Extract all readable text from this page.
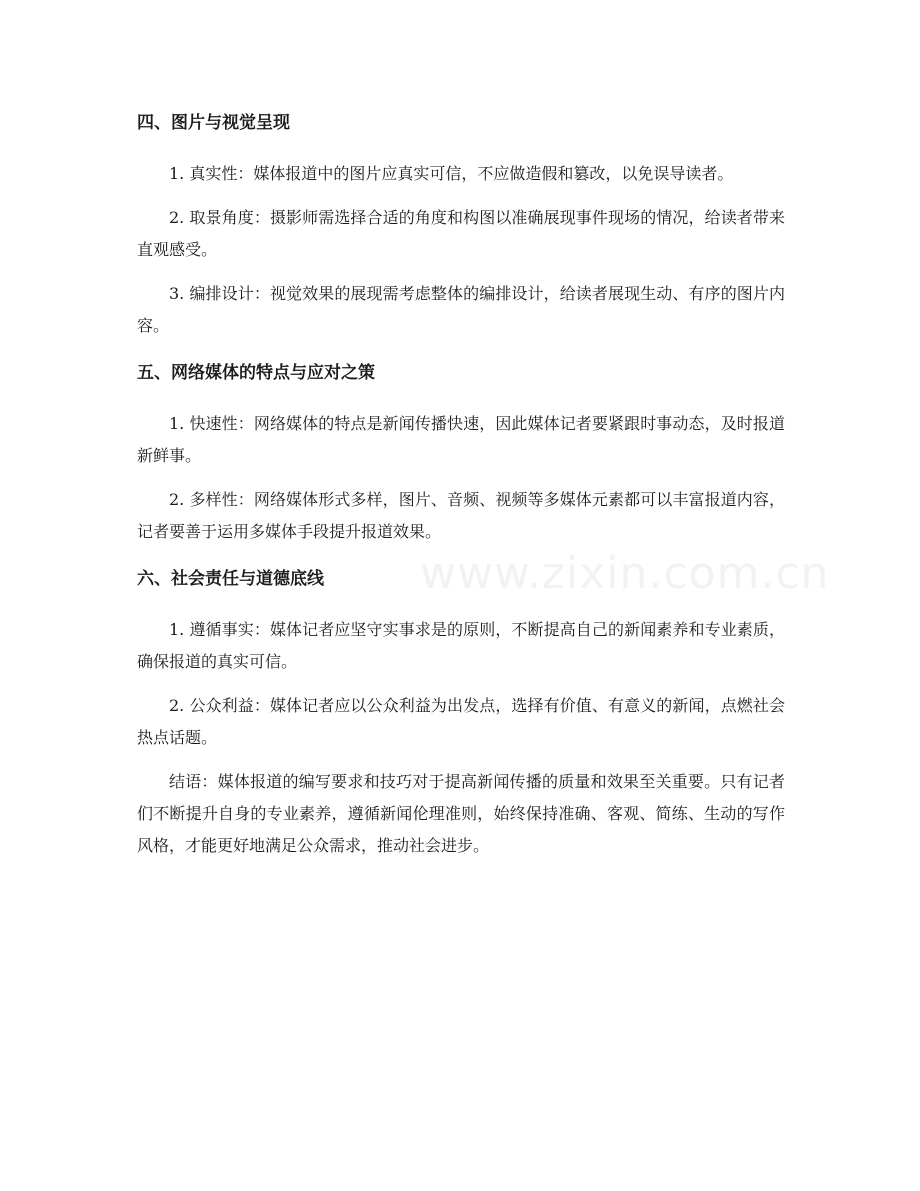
四、图片与视觉呈现

1. 真实性：媒体报道中的图片应真实可信，不应做造假和篡改，以免误导读者。

2. 取景角度：摄影师需选择合适的角度和构图以准确展现事件现场的情况，给读者带来直观感受。

3. 编排设计：视觉效果的展现需考虑整体的编排设计，给读者展现生动、有序的图片内容。

五、网络媒体的特点与应对之策

1. 快速性：网络媒体的特点是新闻传播快速，因此媒体记者要紧跟时事动态，及时报道新鲜事。

2. 多样性：网络媒体形式多样，图片、音频、视频等多媒体元素都可以丰富报道内容，记者要善于运用多媒体手段提升报道效果。

六、社会责任与道德底线

1. 遵循事实：媒体记者应坚守实事求是的原则，不断提高自己的新闻素养和专业素质，确保报道的真实可信。

2. 公众利益：媒体记者应以公众利益为出发点，选择有价值、有意义的新闻，点燃社会热点话题。

结语：媒体报道的编写要求和技巧对于提高新闻传播的质量和效果至关重要。只有记者们不断提升自身的专业素养，遵循新闻伦理准则，始终保持准确、客观、简练、生动的写作风格，才能更好地满足公众需求，推动社会进步。

www.zixin.com.cn
